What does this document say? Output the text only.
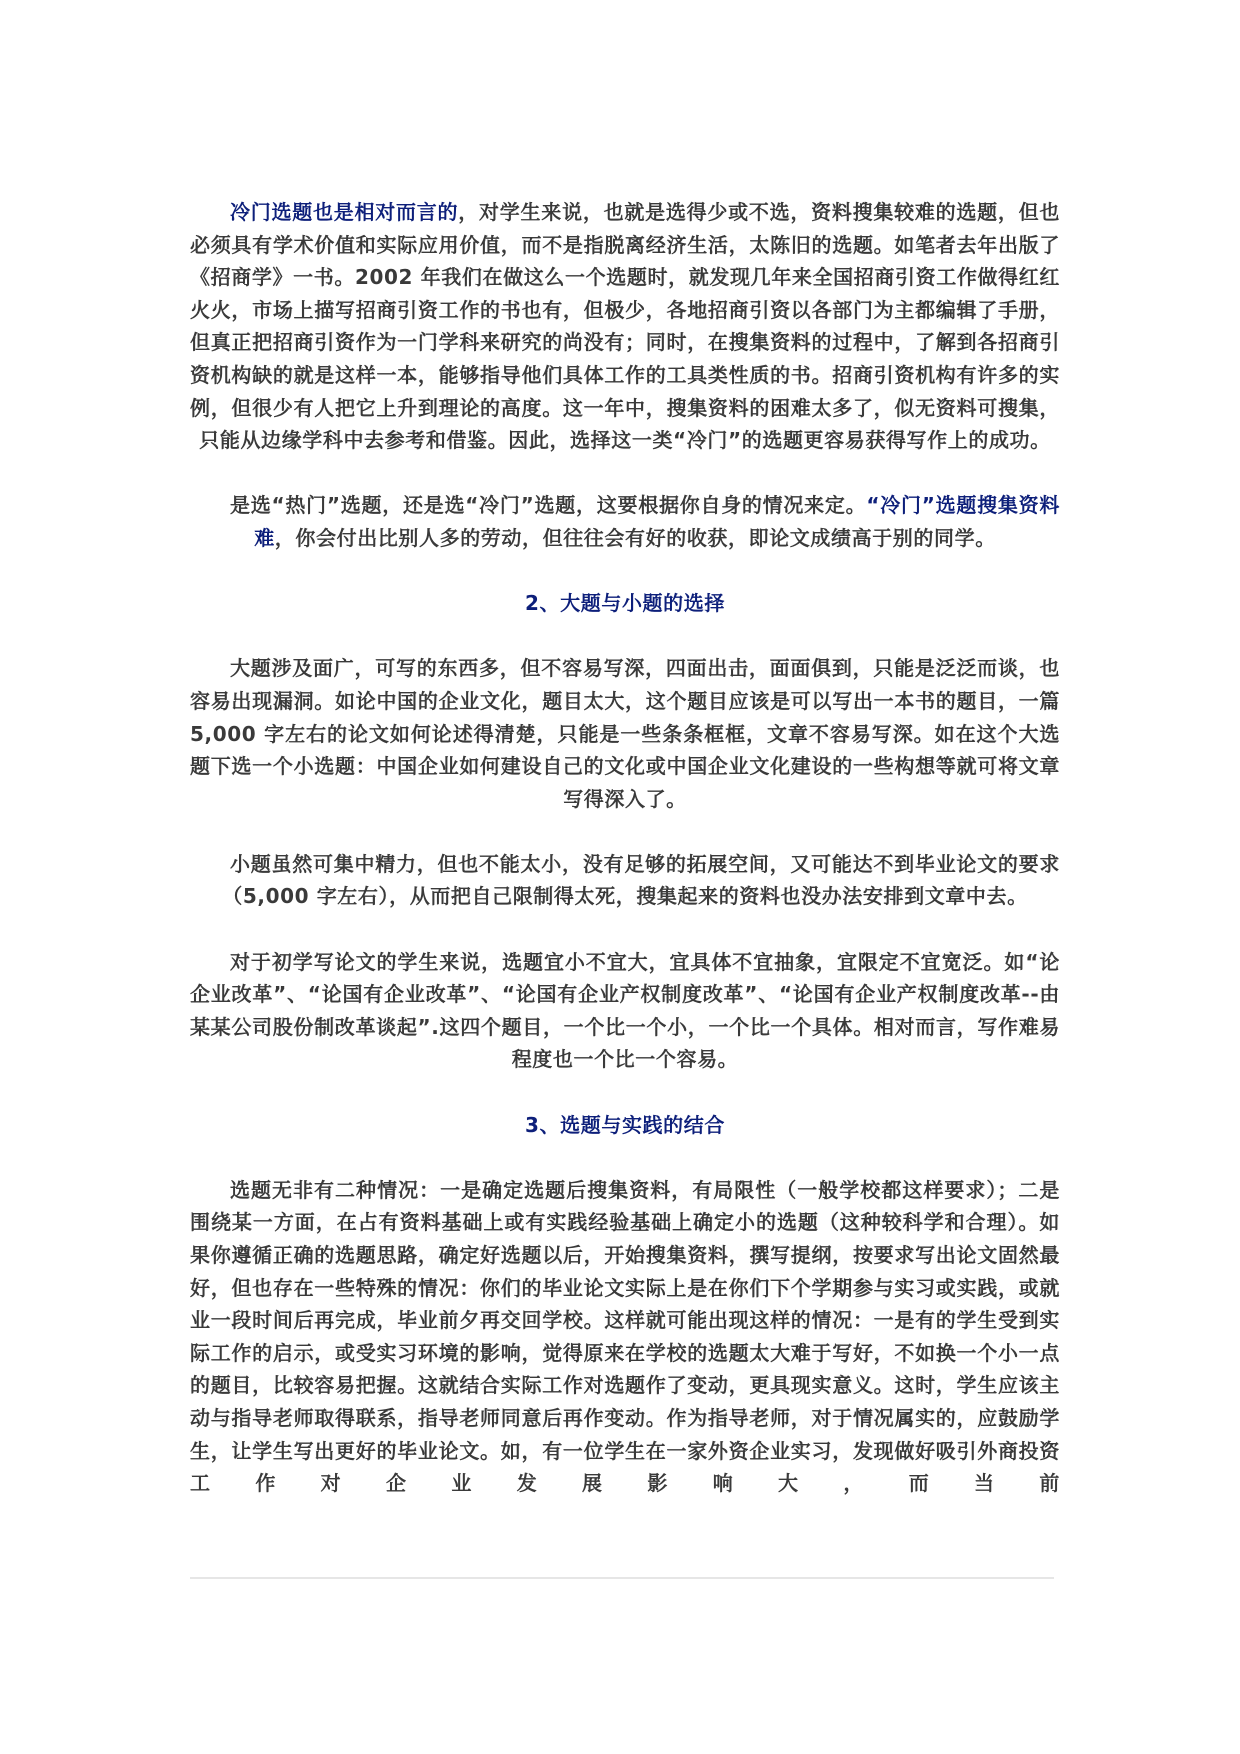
冷门选题也是相对而言的，对学生来说，也就是选得少或不选，资料搜集较难的选题，但也必须具有学术价值和实际应用价值，而不是指脱离经济生活，太陈旧的选题。如笔者去年出版了《招商学》一书。2002 年我们在做这么一个选题时，就发现几年来全国招商引资工作做得红红火火，市场上描写招商引资工作的书也有，但极少，各地招商引资以各部门为主都编辑了手册，但真正把招商引资作为一门学科来研究的尚没有；同时，在搜集资料的过程中，了解到各招商引资机构缺的就是这样一本，能够指导他们具体工作的工具类性质的书。招商引资机构有许多的实例，但很少有人把它上升到理论的高度。这一年中，搜集资料的困难太多了，似无资料可搜集，只能从边缘学科中去参考和借鉴。因此，选择这一类“冷门”的选题更容易获得写作上的成功。

是选“热门”选题，还是选“冷门”选题，这要根据你自身的情况来定。“冷门”选题搜集资料难，你会付出比别人多的劳动，但往往会有好的收获，即论文成绩高于别的同学。

2、大题与小题的选择

大题涉及面广，可写的东西多，但不容易写深，四面出击，面面俱到，只能是泛泛而谈，也容易出现漏洞。如论中国的企业文化，题目太大，这个题目应该是可以写出一本书的题目，一篇 5,000 字左右的论文如何论述得清楚，只能是一些条条框框，文章不容易写深。如在这个大选题下选一个小选题：中国企业如何建设自己的文化或中国企业文化建设的一些构想等就可将文章写得深入了。

小题虽然可集中精力，但也不能太小，没有足够的拓展空间，又可能达不到毕业论文的要求（5,000 字左右），从而把自己限制得太死，搜集起来的资料也没办法安排到文章中去。

对于初学写论文的学生来说，选题宜小不宜大，宜具体不宜抽象，宜限定不宜宽泛。如“论企业改革”、“论国有企业改革”、“论国有企业产权制度改革”、“论国有企业产权制度改革--由某某公司股份制改革谈起”.这四个题目，一个比一个小，一个比一个具体。相对而言，写作难易程度也一个比一个容易。

3、选题与实践的结合

选题无非有二种情况：一是确定选题后搜集资料，有局限性（一般学校都这样要求）；二是围绕某一方面，在占有资料基础上或有实践经验基础上确定小的选题（这种较科学和合理）。如果你遵循正确的选题思路，确定好选题以后，开始搜集资料，撰写提纲，按要求写出论文固然最好，但也存在一些特殊的情况：你们的毕业论文实际上是在你们下个学期参与实习或实践，或就业一段时间后再完成，毕业前夕再交回学校。这样就可能出现这样的情况：一是有的学生受到实际工作的启示，或受实习环境的影响，觉得原来在学校的选题太大难于写好，不如换一个小一点的题目，比较容易把握。这就结合实际工作对选题作了变动，更具现实意义。这时，学生应该主动与指导老师取得联系，指导老师同意后再作变动。作为指导老师，对于情况属实的，应鼓励学生，让学生写出更好的毕业论文。如，有一位学生在一家外资企业实习，发现做好吸引外商投资工作对企业发展影响大，而当前
